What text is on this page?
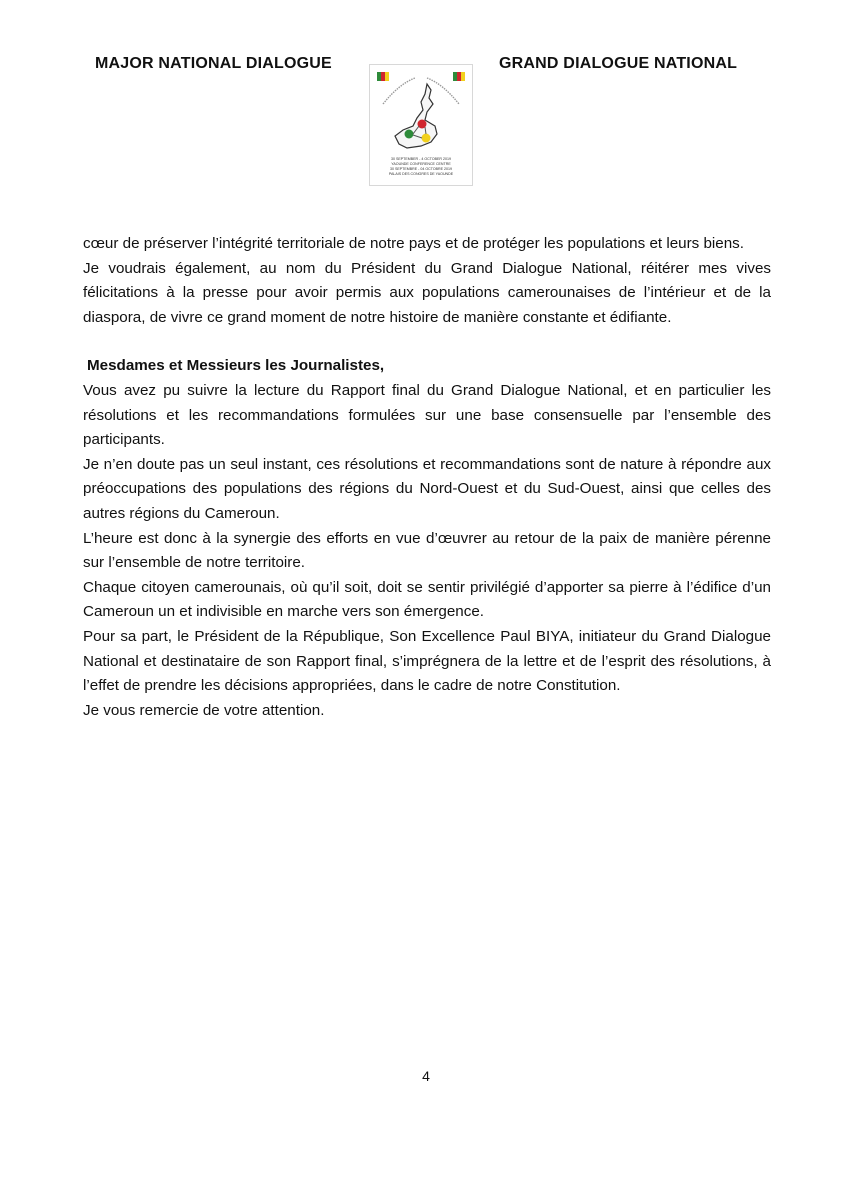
MAJOR NATIONAL DIALOGUE	GRAND DIALOGUE NATIONAL
30 SEPTEMBER - 4 OCTOBER 2019
YAOUNDE CONFERENCE CENTRE
30 SEPTEMBRE - 04 OCTOBRE 2019
PALAIS DES CONGRES DE YAOUNDE

cœur de préserver l’intégrité territoriale de notre pays et de protéger les populations et leurs biens.

Je voudrais également, au nom du Président du Grand Dialogue National, réitérer mes vives félicitations à la presse pour avoir permis aux populations camerounaises de l’intérieur et de la diaspora, de vivre ce grand moment de notre histoire de manière constante et édifiante.

Mesdames et Messieurs les Journalistes,

Vous avez pu suivre la lecture du Rapport final du Grand Dialogue National, et en particulier les résolutions et les recommandations formulées sur une base consensuelle par l’ensemble des participants.

Je n’en doute pas un seul instant, ces résolutions et recommandations sont de nature à répondre aux préoccupations des populations des régions du Nord-Ouest et du Sud-Ouest, ainsi que celles des autres régions du Cameroun.

L’heure est donc à la synergie des efforts en vue d’œuvrer au retour de la paix de manière pérenne sur l’ensemble de notre territoire.

Chaque citoyen camerounais, où qu’il soit, doit se sentir privilégié d’apporter sa pierre à l’édifice d’un Cameroun un et indivisible en marche vers son émergence.

Pour sa part, le Président de la République, Son Excellence Paul BIYA, initiateur du Grand Dialogue National et destinataire de son Rapport final, s’imprégnera de la lettre et de l’esprit des résolutions, à l’effet de prendre les décisions appropriées, dans le cadre de notre Constitution.

Je vous remercie de votre attention.

4
